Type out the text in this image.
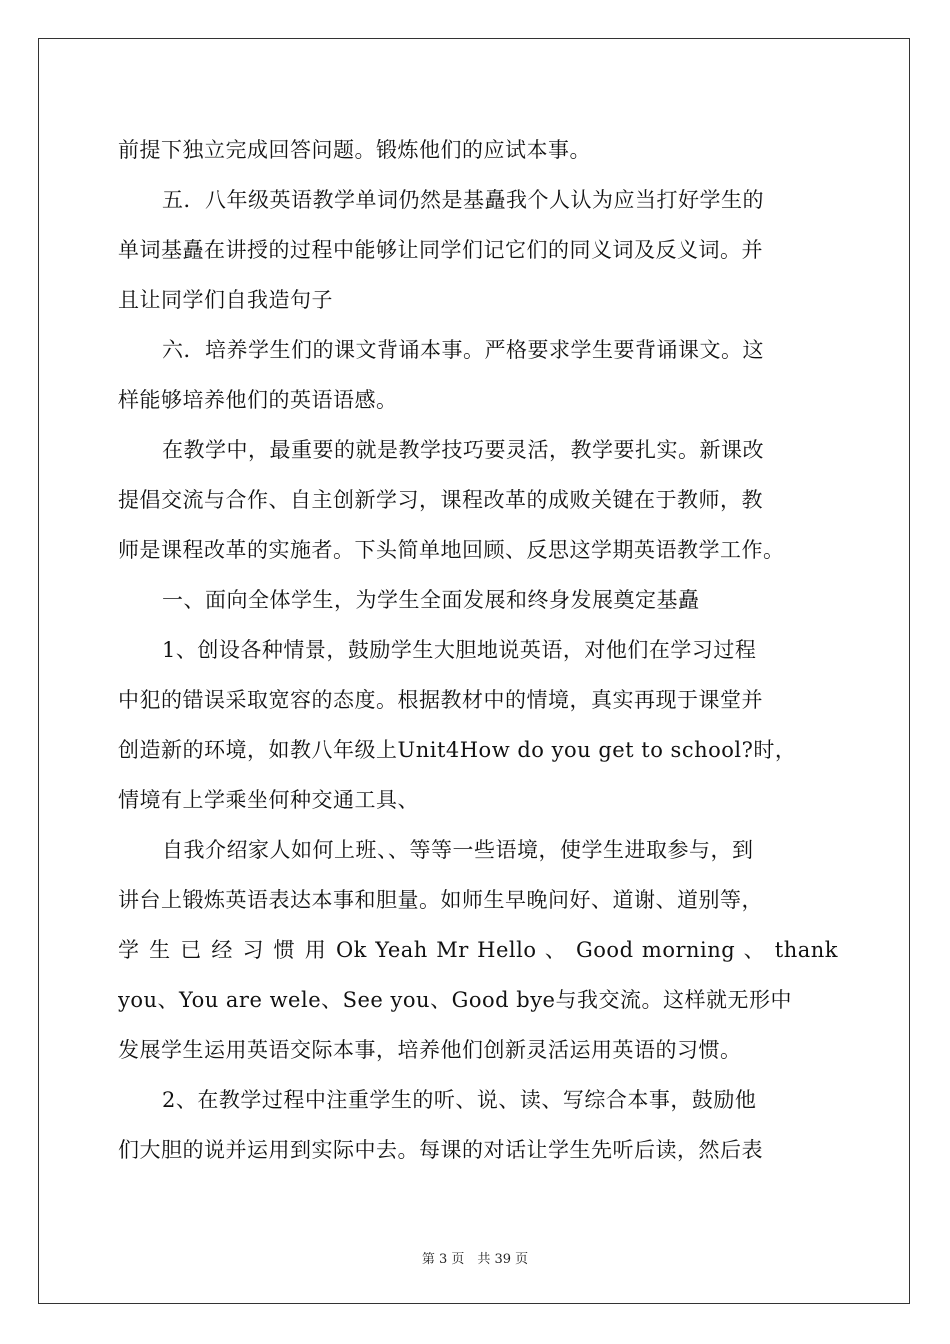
前提下独立完成回答问题。锻炼他们的应试本事。
五．八年级英语教学单词仍然是基矗我个人认为应当打好学生的
单词基矗在讲授的过程中能够让同学们记它们的同义词及反义词。并
且让同学们自我造句子
六．培养学生们的课文背诵本事。严格要求学生要背诵课文。这
样能够培养他们的英语语感。
在教学中，最重要的就是教学技巧要灵活，教学要扎实。新课改
提倡交流与合作、自主创新学习，课程改革的成败关键在于教师，教
师是课程改革的实施者。下头简单地回顾、反思这学期英语教学工作。
一、面向全体学生，为学生全面发展和终身发展奠定基矗
1、创设各种情景，鼓励学生大胆地说英语，对他们在学习过程
中犯的错误采取宽容的态度。根据教材中的情境，真实再现于课堂并
创造新的环境，如教八年级上Unit4How do you get to school?时，
情境有上学乘坐何种交通工具、
自我介绍家人如何上班、、等等一些语境，使学生进取参与，到
讲台上锻炼英语表达本事和胆量。如师生早晚问好、道谢、道别等，
学 生 已 经 习 惯 用 Ok Yeah Mr Hello 、 Good morning 、 thank
you、You are wele、See you、Good bye与我交流。这样就无形中
发展学生运用英语交际本事，培养他们创新灵活运用英语的习惯。
2、在教学过程中注重学生的听、说、读、写综合本事，鼓励他
们大胆的说并运用到实际中去。每课的对话让学生先听后读，然后表
第 3 页　共 39 页
